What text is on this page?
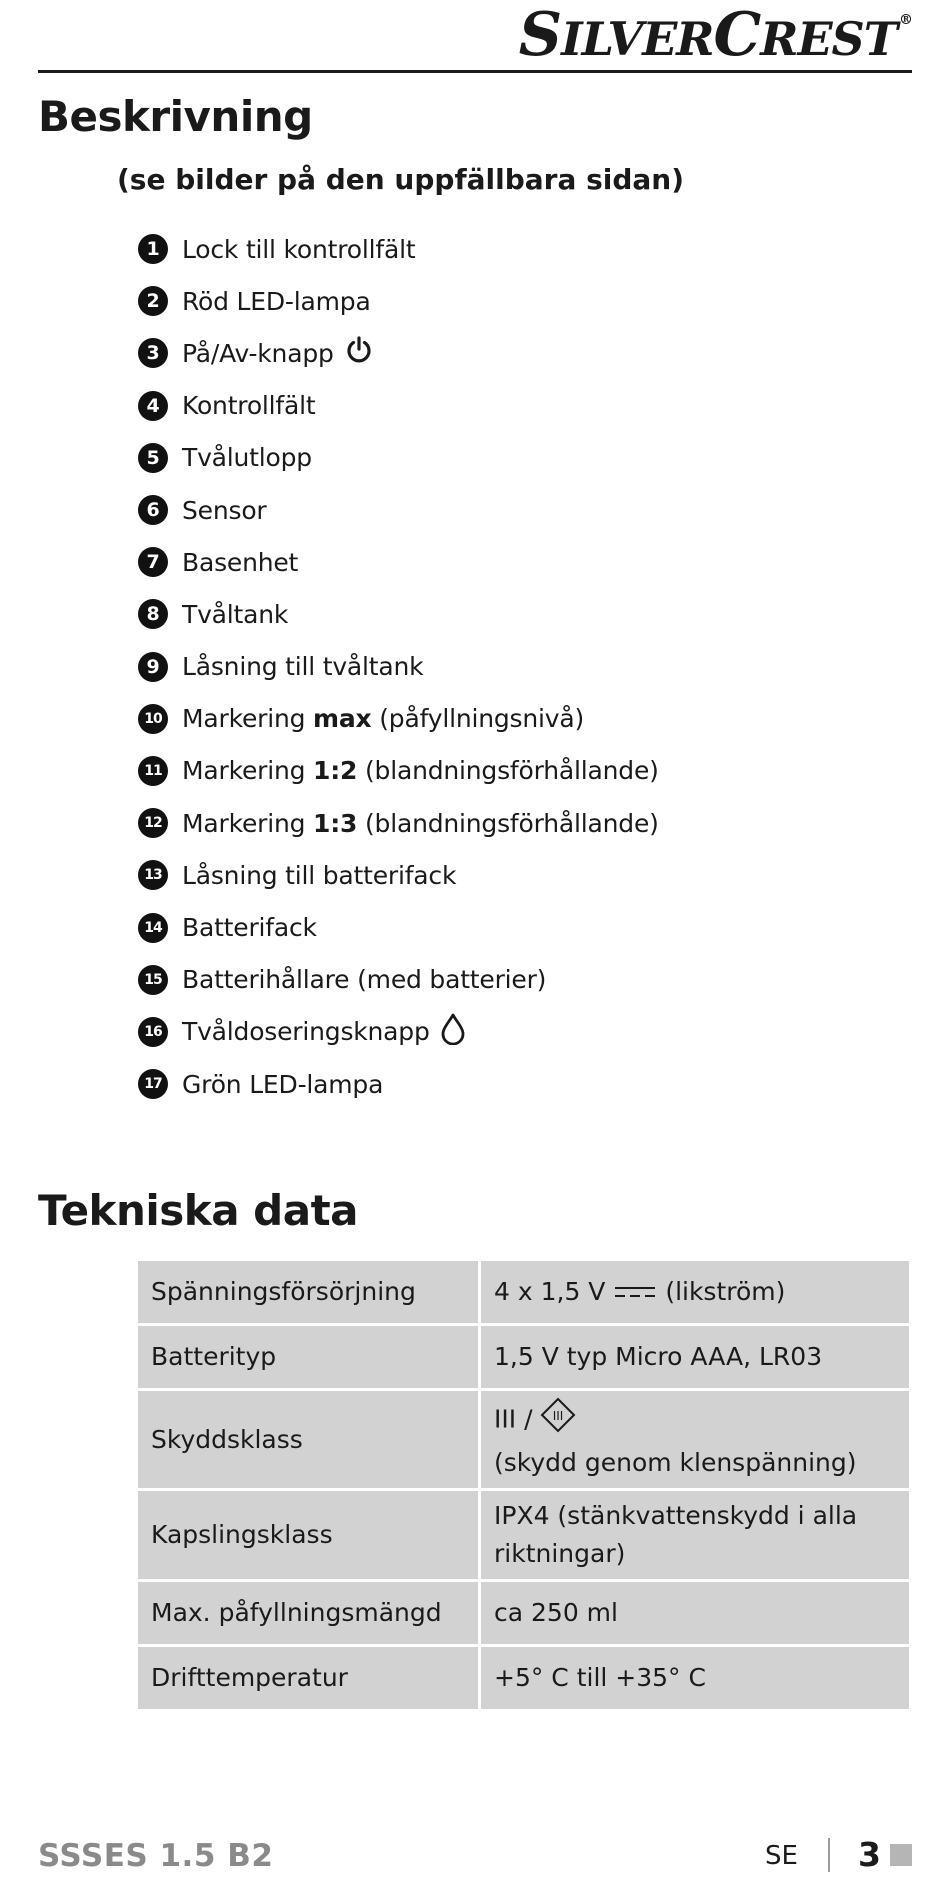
SILVERCREST ®
Beskrivning
(se bilder på den uppfällbara sidan)
1 Lock till kontrollfält
2 Röd LED-lampa
3 På/Av-knapp
4 Kontrollfält
5 Tvålutlopp
6 Sensor
7 Basenhet
8 Tvåltank
9 Låsning till tvåltank
10 Markering max (påfyllningsnivå)
11 Markering 1:2 (blandningsförhållande)
12 Markering 1:3 (blandningsförhållande)
13 Låsning till batterifack
14 Batterifack
15 Batterihållare (med batterier)
16 Tvåldoseringsknapp
17 Grön LED-lampa
Tekniska data
Spänningsförsörjning	4 x 1,5 V (likström)
Batterityp	1,5 V typ Micro AAA, LR03
Skyddsklass	III / III

(skydd genom klenspänning)
Kapslingsklass	IPX4 (stänkvattenskydd i alla riktningar)
Max. påfyllningsmängd	ca 250 ml
Drifttemperatur	+5° C till +35° C
SSSES 1.5 B2	SE 3
